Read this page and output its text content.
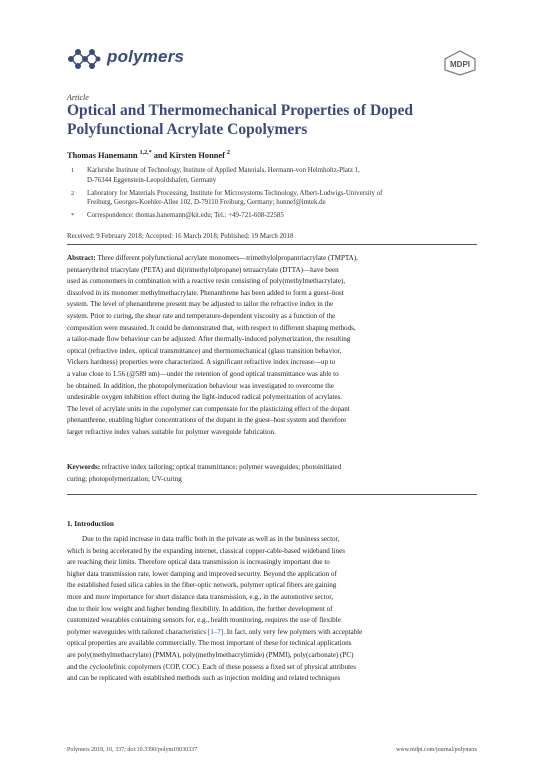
polymers	MDPI
Article
Optical and Thermomechanical Properties of Doped
Polyfunctional Acrylate Copolymers
Thomas Hanemann $^{1,2,*}$ and Kirsten Honnef $^2$
1 Karlsruhe Institute of Technology, Institute of Applied Materials, Hermann-von Helmholtz-Platz 1,
D-76344 Eggenstein-Leopoldshafen, Germany
2 Laboratory for Materials Processing, Institute for Microsystems Technology, Albert-Ludwigs-University of
Freiburg, Georges-Koehler-Allee 102, D-79110 Freiburg, Germany; honnef@imtek.de
* Correspondence: thomas.hanemann@kit.edu; Tel.: +49-721-608-22585
Received: 9 February 2018; Accepted: 16 March 2018; Published: 19 March 2018
Abstract: Three different polyfunctional acrylate monomers—trimethylolpropantriacrylate (TMPTA),
pentaerythritol triacrylate (PETA) and di(trimethylolpropane) tetraacrylate (DTTA)—have been
used as comonomers in combination with a reactive resin consisting of poly(methylmethacrylate),
dissolved in its monomer methylmethacrylate. Phenanthrene has been added to form a guest–host
system. The level of phenanthrene present may be adjusted to tailor the refractive index in the
system. Prior to curing, the shear rate and temperature-dependent viscosity as a function of the
composition were measured. It could be demonstrated that, with respect to different shaping methods,
a tailor-made flow behaviour can be adjusted. After thermally-induced polymerization, the resulting
optical (refractive index, optical transmittance) and thermomechanical (glass transition behavior,
Vickers hardness) properties were characterized. A significant refractive index increase—up to
a value close to 1.56 (@589 nm)—under the retention of good optical transmittance was able to
be obtained. In addition, the photopolymerization behaviour was investigated to overcome the
undesirable oxygen inhibition effect during the light-induced radical polymerization of acrylates.
The level of acrylate units in the copolymer can compensate for the plasticizing effect of the dopant
phenanthrene, enabling higher concentrations of the dopant in the guest–host system and therefore
larger refractive index values suitable for polymer waveguide fabrication.
Keywords: refractive index tailoring; optical transmittance; polymer waveguides; photoinitiated
curing; photopolymerization; UV-curing
1. Introduction
Due to the rapid increase in data traffic both in the private as well as in the business sector,
which is being accelerated by the expanding internet, classical copper-cable-based wideband lines
are reaching their limits. Therefore optical data transmission is increasingly important due to
higher data transmission rate, lower damping and improved security. Beyond the application of
the established fused silica cables in the fiber-optic network, polymer optical fibers are gaining
more and more importance for short distance data transmission, e.g., in the automotive sector,
due to their low weight and higher bending flexibility. In addition, the further development of
customized wearables containing sensors for, e.g., health monitoring, requires the use of flexible
polymer waveguides with tailored characteristics [1–7]. In fact, only very few polymers with acceptable
optical properties are available commercially. The most important of these for technical applications
are poly(methylmethacrylate) (PMMA), poly(methylmethacrylimide) (PMMI), poly(carbonate) (PC)
and the cycloolefinic copolymers (COP, COC). Each of these possess a fixed set of physical attributes
and can be replicated with established methods such as injection molding and related techniques
Polymers 2018, 10, 337; doi:10.3390/polym10030337	www.mdpi.com/journal/polymers
